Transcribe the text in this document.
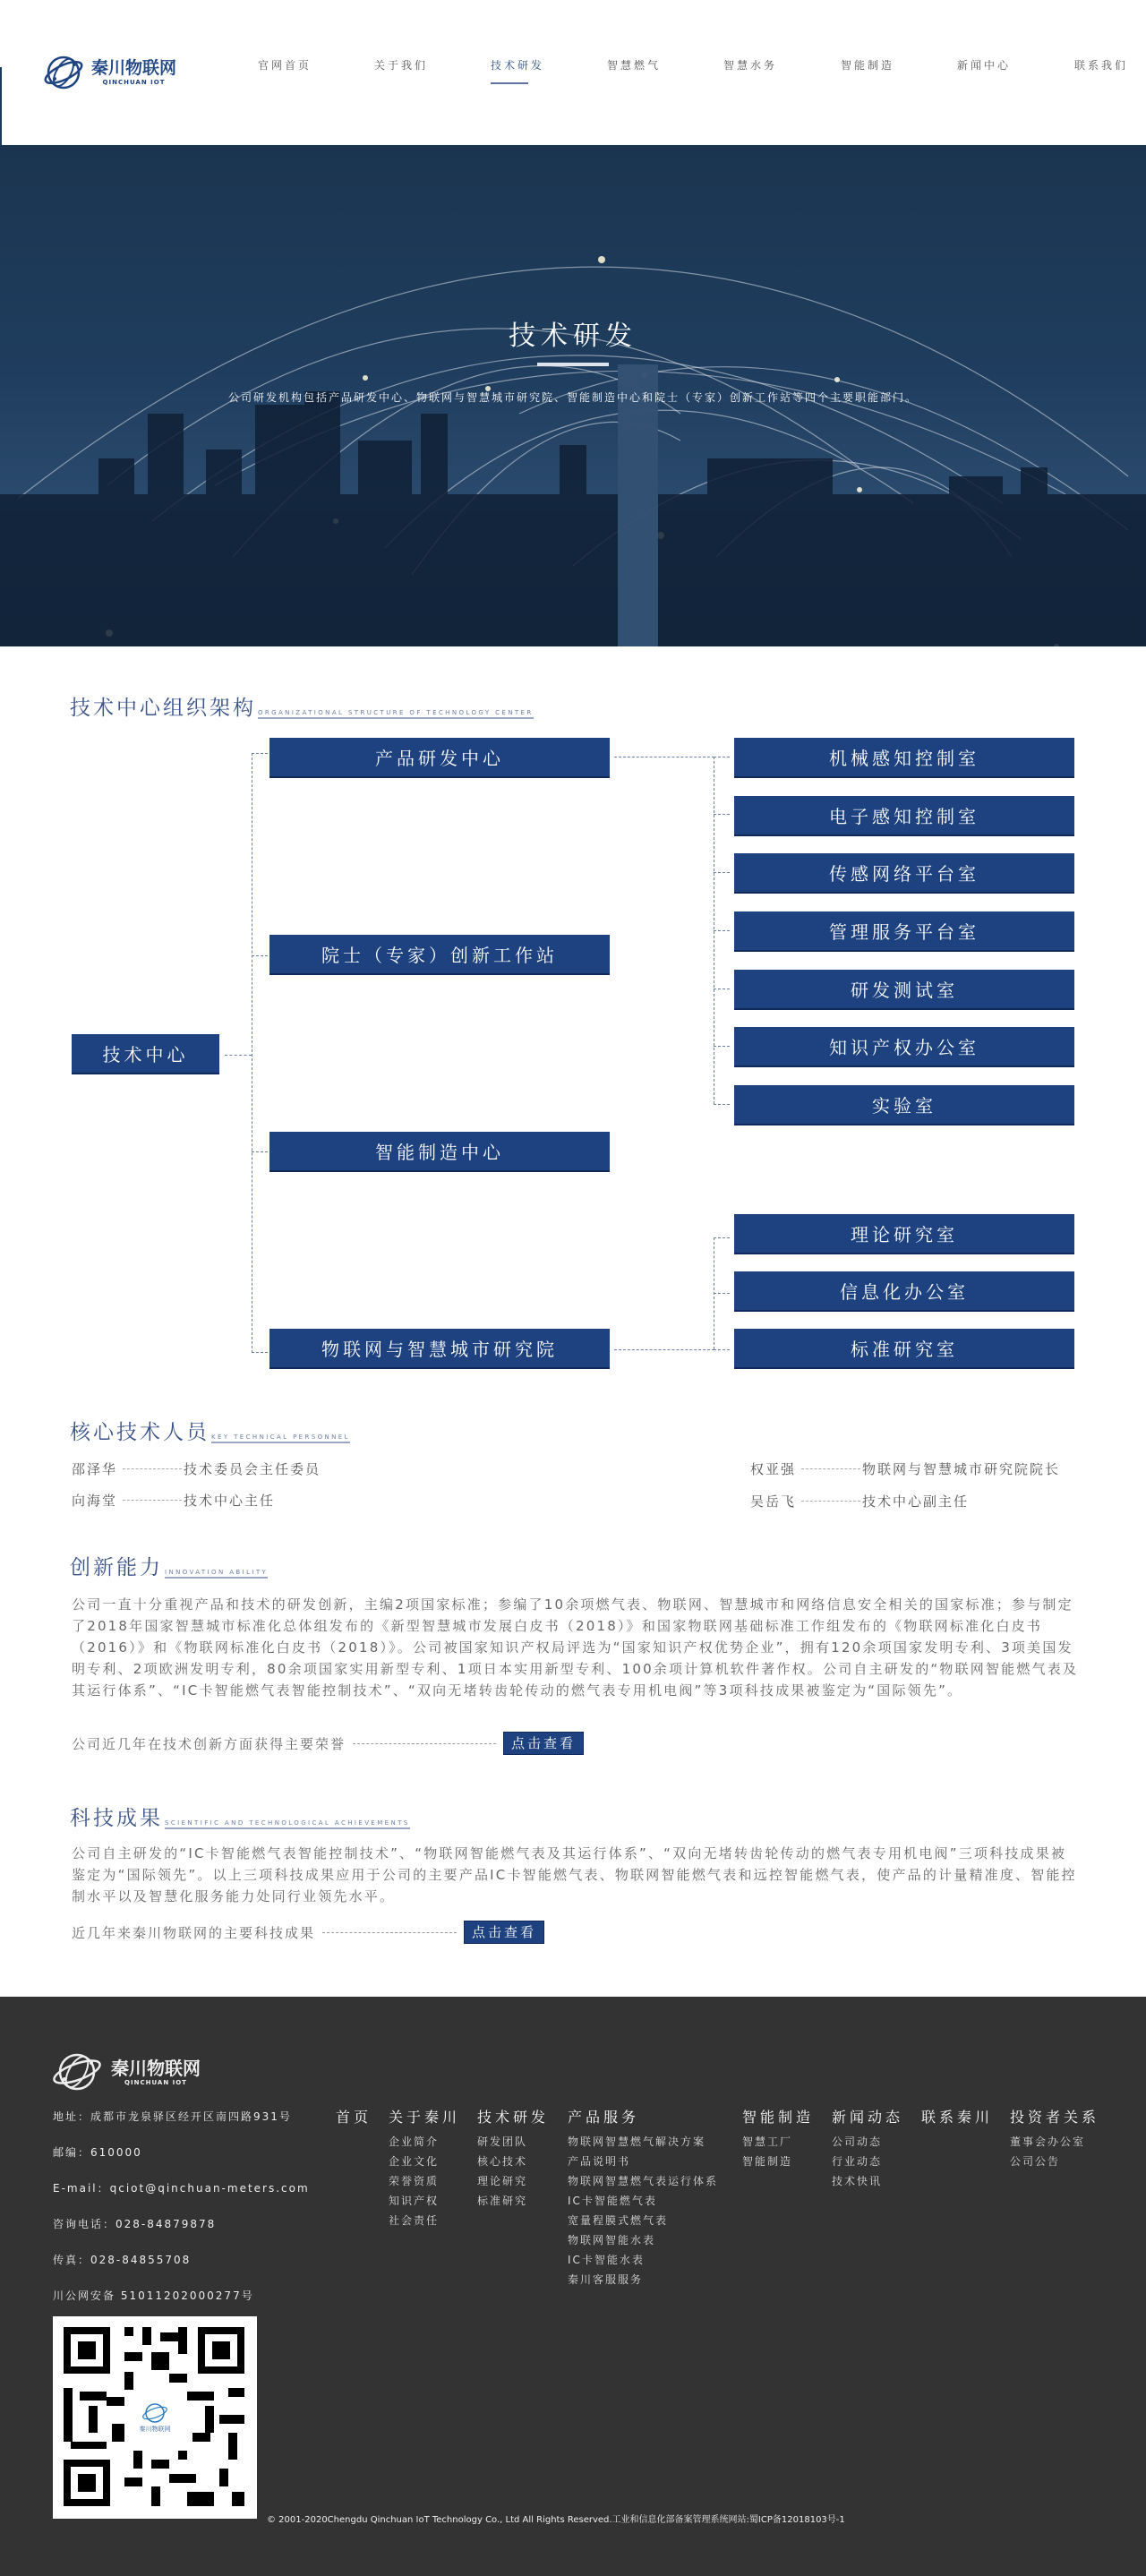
秦川物联网
QINCHUAN IOT
官网首页	关于我们	技术研发	智慧燃气	智慧水务	智能制造	新闻中心	联系我们
技术研发
公司研发机构包括产品研发中心、物联网与智慧城市研究院、智能制造中心和院士（专家）创新工作站等四个主要职能部门。
技术中心组织架构 ORGANIZATIONAL STRUCTURE OF TECHNOLOGY CENTER
技术中心
产品研发中心
院士（专家）创新工作站
智能制造中心
物联网与智慧城市研究院
机械感知控制室
电子感知控制室
传感网络平台室
管理服务平台室
研发测试室
知识产权办公室
实验室
理论研究室
信息化办公室
标准研究室
核心技术人员 KEY TECHNICAL PERSONNEL
邵泽华	技术委员会主任委员
向海堂	技术中心主任
权亚强	物联网与智慧城市研究院院长
吴岳飞	技术中心副主任
创新能力 INNOVATION ABILITY
公司一直十分重视产品和技术的研发创新，主编2项国家标准；参编了10余项燃气表、物联网、智慧城市和网络信息安全相关的国家标准；参与制定了2018年国家智慧城市标准化总体组发布的《新型智慧城市发展白皮书（2018）》和国家物联网基础标准工作组发布的《物联网标准化白皮书（2016）》和《物联网标准化白皮书（2018）》。公司被国家知识产权局评选为“国家知识产权优势企业”，拥有120余项国家发明专利、3项美国发明专利、2项欧洲发明专利，80余项国家实用新型专利、1项日本实用新型专利、100余项计算机软件著作权。公司自主研发的“物联网智能燃气表及其运行体系”、“IC卡智能燃气表智能控制技术”、“双向无堵转齿轮传动的燃气表专用机电阀”等3项科技成果被鉴定为“国际领先”。
公司近几年在技术创新方面获得主要荣誉	点击查看
科技成果 SCIENTIFIC AND TECHNOLOGICAL ACHIEVEMENTS
公司自主研发的“IC卡智能燃气表智能控制技术”、“物联网智能燃气表及其运行体系”、“双向无堵转齿轮传动的燃气表专用机电阀”三项科技成果被鉴定为“国际领先”。以上三项科技成果应用于公司的主要产品IC卡智能燃气表、物联网智能燃气表和远控智能燃气表，使产品的计量精准度、智能控制水平以及智慧化服务能力处同行业领先水平。
近几年来秦川物联网的主要科技成果	点击查看
秦川物联网
QINCHUAN IOT
地址：成都市龙泉驿区经开区南四路931号
邮编：610000
E-mail：qciot@qinchuan-meters.com
咨询电话：028-84879878
传真：028-84855708
川公网安备 51011202000277号
首页 关于秦川
企业简介
企业文化
荣誉资质
知识产权
社会责任
技术研发
研发团队
核心技术
理论研究
标准研究
产品服务
物联网智慧燃气解决方案
产品说明书
物联网智慧燃气表运行体系
IC卡智能燃气表
宽量程膜式燃气表
物联网智能水表
IC卡智能水表
秦川客服服务
智能制造
智慧工厂
智能制造
新闻动态
公司动态
行业动态
技术快讯
联系秦川 投资者关系
董事会办公室
公司公告
秦川物联网
© 2001-2020Chengdu Qinchuan IoT Technology Co., Ltd All Rights Reserved.工业和信息化部备案管理系统网站:蜀ICP备12018103号-1
